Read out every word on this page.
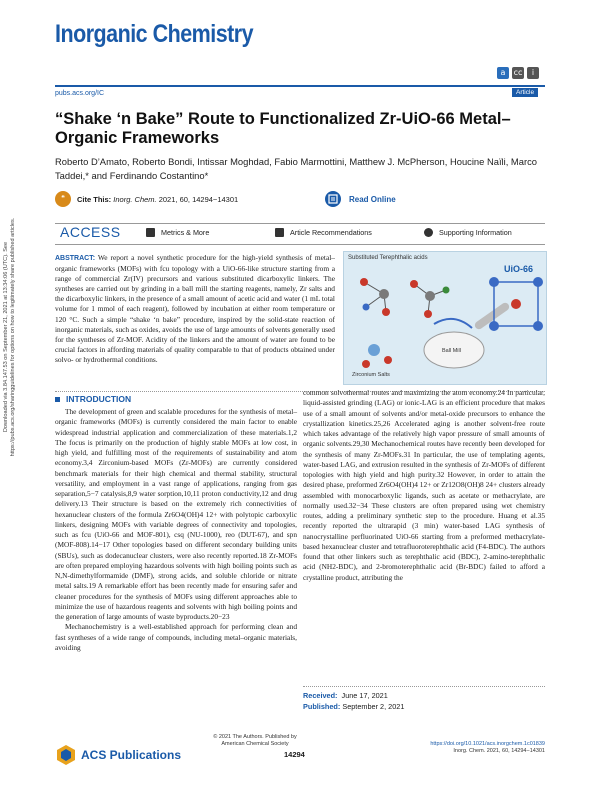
Downloaded via 3.84.147.53 on September 21, 2021 at 13:34:06 (UTC). See https://pubs.acs.org/sharingguidelines for options on how to legitimately share published articles.
Inorganic Chemistry
a	cc	i
pubs.acs.org/IC	Article
“Shake ‘n Bake” Route to Functionalized Zr-UiO-66 Metal–Organic Frameworks
Roberto D’Amato, Roberto Bondi, Intissar Moghdad, Fabio Marmottini, Matthew J. McPherson, Houcine Naïli, Marco Taddei,* and Ferdinando Costantino*
❝	Cite This:
Inorg. Chem.
2021, 60, 14294−14301	Read Online
ACCESS	Metrics & More	Article Recommendations	Supporting Information
ABSTRACT: We report a novel synthetic procedure for the high-yield synthesis of metal–organic frameworks (MOFs) with fcu topology with a UiO-66-like structure starting from a range of commercial Zr(IV) precursors and various substituted dicarboxylic linkers. The syntheses are carried out by grinding in a ball mill the starting reagents, namely, Zr salts and the dicarboxylic linkers, in the presence of a small amount of acetic acid and water (1 mL total volume for 1 mmol of each reagent), followed by incubation at either room temperature or 120 °C. Such a simple “shake ‘n bake” procedure, inspired by the solid-state reaction of inorganic materials, such as oxides, avoids the use of large amounts of solvents generally used for the syntheses of Zr-MOF. Acidity of the linkers and the amount of water are found to be crucial factors in affording materials of quality comparable to that of products obtained under solvo- or hydrothermal conditions.
Substituted Terephthalic acids
UiO-66
Ball Mill
Zirconium Salts
INTRODUCTION

The development of green and scalable procedures for the synthesis of metal–organic frameworks (MOFs) is currently considered the main factor to enable widespread industrial application and commercialization of these materials.1,2 The focus is primarily on the production of highly stable MOFs at low cost, in high yield, and fulfilling most of the requirements of sustainability and atom economy.3,4 Zirconium-based MOFs (Zr-MOFs) are currently considered benchmark materials for their high chemical and thermal stability, structural versatility, and employment in a vast range of applications, ranging from gas separation,5−7 catalysis,8,9 water sorption,10,11 proton conductivity,12 and drug delivery.13 Their structure is based on the extremely rich connectivities of hexanuclear clusters of the formula Zr6O4(OH)4 12+ with polytopic carboxylic linkers, designing MOFs with variable degrees of connectivity and topologies, such as fcu (UiO-66 and MOF-801), csq (NU-1000), reo (DUT-67), and spn (MOF-808).14−17 Other topologies based on different secondary building units (SBUs), such as dodecanuclear clusters, were also recently reported.18 Zr-MOFs are often prepared employing hazardous solvents with high boiling points such as N,N-dimethylformamide (DMF), strong acids, and soluble chloride or nitrate metal salts.19 A remarkable effort has been recently made for ensuring safer and cleaner procedures for the synthesis of MOFs using different approaches able to minimize the use of hazardous reagents and solvents with high boiling points and the generation of large amounts of waste byproducts.20−23

Mechanochemistry is a well-established approach for performing clean and fast syntheses of a wide range of compounds, including metal–organic materials, avoiding

common solvothermal routes and maximizing the atom economy.24 In particular, liquid-assisted grinding (LAG) or ionic-LAG is an efficient procedure that makes use of a small amount of solvents and/or metal-oxide precursors to enhance the crystallization kinetics.25,26 Accelerated aging is another solvent-free route which takes advantage of the relatively high vapor pressure of small amounts of organic solvents.29,30 Mechanochemical routes have recently been developed for the synthesis of many Zr-MOFs.31 In particular, the use of templating agents, water-based LAG, and extrusion resulted in the synthesis of Zr-MOFs of different topologies with high yield and high purity.32 However, in order to attain the desired phase, preformed Zr6O4(OH)4 12+ or Zr12O8(OH)8 24+ clusters already assembled with monocarboxylic ligands, such as acetate or methacrylate, are normally used.32−34 These clusters are often prepared using wet chemistry routes, adding a preliminary synthetic step to the procedure. Huang et al.35 recently reported the ultrarapid (3 min) water-based LAG synthesis of nanocrystalline perfluorinated UiO-66 starting from a preformed methacrylate-based hexanuclear cluster and tetrafluoroterephthalic acid (F4-BDC). The authors found that other linkers such as terephthalic acid (BDC), 2-amino-terephthalic acid (NH2-BDC), and 2-bromoterephthalic acid (Br-BDC) failed to afford a crystalline product, attributing the

Received: June 17, 2021
Published: September 2, 2021
ACS Publications
© 2021 The Authors. Published by
American Chemical Society
14294
https://doi.org/10.1021/acs.inorgchem.1c01839
Inorg. Chem. 2021, 60, 14294−14301
